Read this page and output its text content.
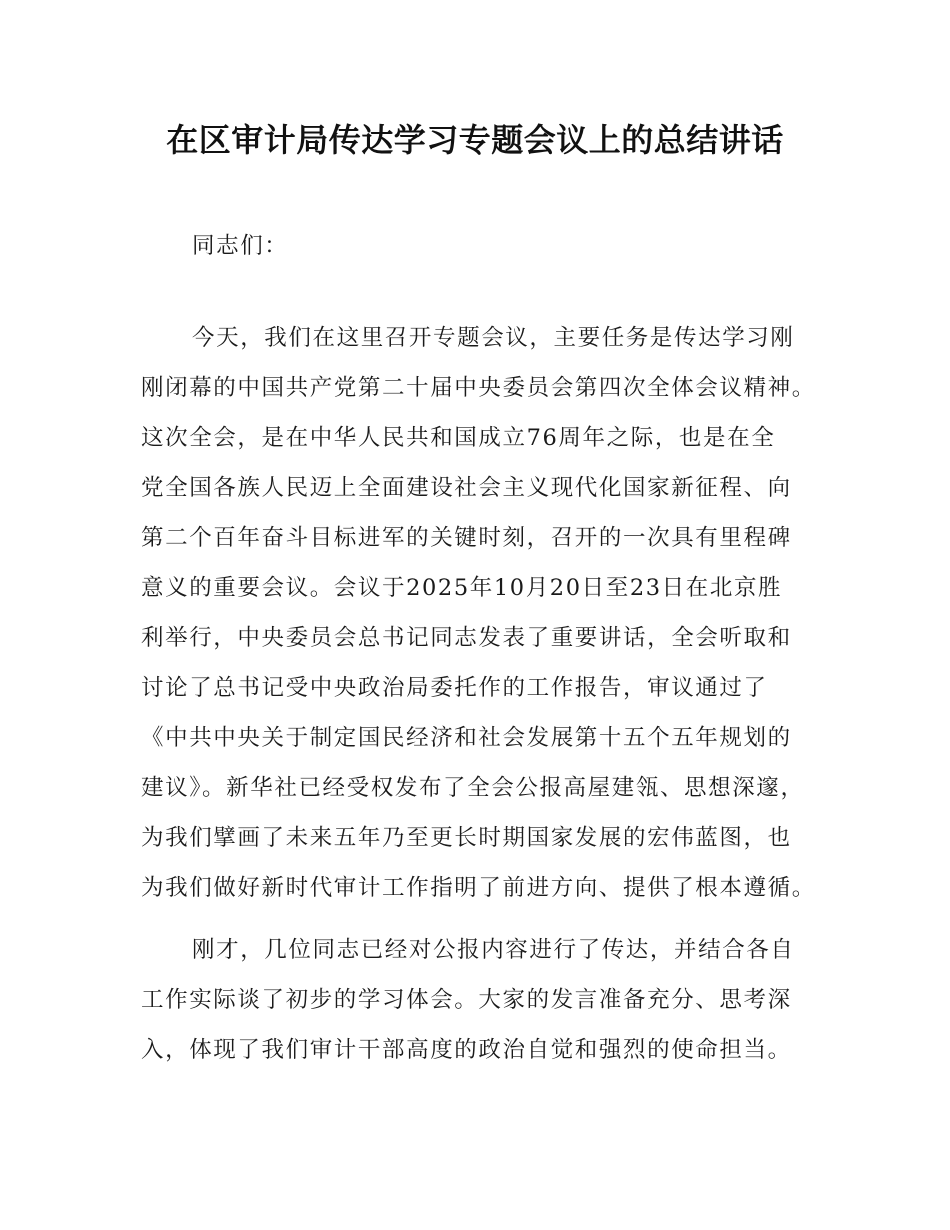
在区审计局传达学习专题会议上的总结讲话
同志们：
今天，我们在这里召开专题会议，主要任务是传达学习刚
刚闭幕的中国共产党第二十届中央委员会第四次全体会议精神。
这次全会，是在中华人民共和国成立76周年之际，也是在全
党全国各族人民迈上全面建设社会主义现代化国家新征程、向
第二个百年奋斗目标进军的关键时刻，召开的一次具有里程碑
意义的重要会议。会议于2025年10月20日至23日在北京胜
利举行，中央委员会总书记同志发表了重要讲话，全会听取和
讨论了总书记受中央政治局委托作的工作报告，审议通过了
《中共中央关于制定国民经济和社会发展第十五个五年规划的
建议》。新华社已经受权发布了全会公报高屋建瓴、思想深邃，
为我们擘画了未来五年乃至更长时期国家发展的宏伟蓝图，也
为我们做好新时代审计工作指明了前进方向、提供了根本遵循。
刚才，几位同志已经对公报内容进行了传达，并结合各自
工作实际谈了初步的学习体会。大家的发言准备充分、思考深
入，体现了我们审计干部高度的政治自觉和强烈的使命担当。
